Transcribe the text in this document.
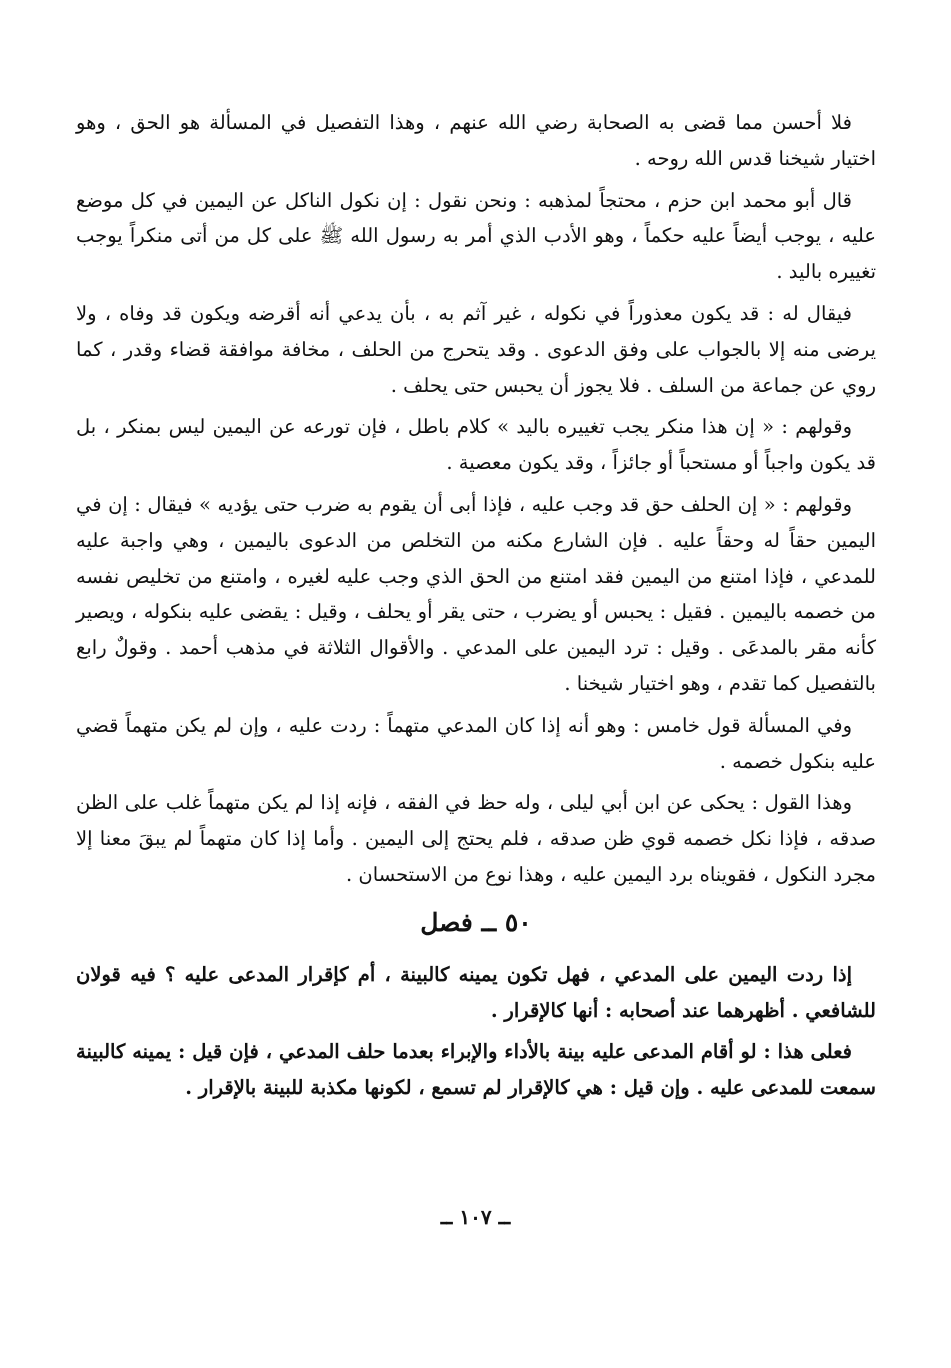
فلا أحسن مما قضى به الصحابة رضي الله عنهم ، وهذا التفصيل في المسألة هو الحق ، وهو اختيار شيخنا قدس الله روحه .

قال أبو محمد ابن حزم ، محتجاً لمذهبه : ونحن نقول : إن نكول الناكل عن اليمين في كل موضع عليه ، يوجب أيضاً عليه حكماً ، وهو الأدب الذي أمر به رسول الله ﷺ على كل من أتى منكراً يوجب تغييره باليد .

فيقال له : قد يكون معذوراً في نكوله ، غير آثم به ، بأن يدعي أنه أقرضه ويكون قد وفاه ، ولا يرضى منه إلا بالجواب على وفق الدعوى . وقد يتحرج من الحلف ، مخافة موافقة قضاء وقدر ، كما روي عن جماعة من السلف . فلا يجوز أن يحبس حتى يحلف .

وقولهم : « إن هذا منكر يجب تغييره باليد » كلام باطل ، فإن تورعه عن اليمين ليس بمنكر ، بل قد يكون واجباً أو مستحباً أو جائزاً ، وقد يكون معصية .

وقولهم : « إن الحلف حق قد وجب عليه ، فإذا أبى أن يقوم به ضرب حتى يؤديه » فيقال : إن في اليمين حقاً له وحقاً عليه . فإن الشارع مكنه من التخلص من الدعوى باليمين ، وهي واجبة عليه للمدعي ، فإذا امتنع من اليمين فقد امتنع من الحق الذي وجب عليه لغيره ، وامتنع من تخليص نفسه من خصمه باليمين . فقيل : يحبس أو يضرب ، حتى يقر أو يحلف ، وقيل : يقضى عليه بنكوله ، ويصير كأنه مقر بالمدعَى . وقيل : ترد اليمين على المدعي . والأقوال الثلاثة في مذهب أحمد . وقولٌ رابع بالتفصيل كما تقدم ، وهو اختيار شيخنا .

وفي المسألة قول خامس : وهو أنه إذا كان المدعي متهماً : ردت عليه ، وإن لم يكن متهماً قضي عليه بنكول خصمه .

وهذا القول : يحكى عن ابن أبي ليلى ، وله حظ في الفقه ، فإنه إذا لم يكن متهماً غلب على الظن صدقه ، فإذا نكل خصمه قوي ظن صدقه ، فلم يحتج إلى اليمين . وأما إذا كان متهماً لم يبقَ معنا إلا مجرد النكول ، فقويناه برد اليمين عليه ، وهذا نوع من الاستحسان .

٥٠ ــ فصل

إذا ردت اليمين على المدعي ، فهل تكون يمينه كالبينة ، أم كإقرار المدعى عليه ؟ فيه قولان للشافعي . أظهرهما عند أصحابه : أنها كالإقرار .

فعلى هذا : لو أقام المدعى عليه بينة بالأداء والإبراء بعدما حلف المدعي ، فإن قيل : يمينه كالبينة سمعت للمدعى عليه . وإن قيل : هي كالإقرار لم تسمع ، لكونها مكذبة للبينة بالإقرار .

ــ ١٠٧ ــ
